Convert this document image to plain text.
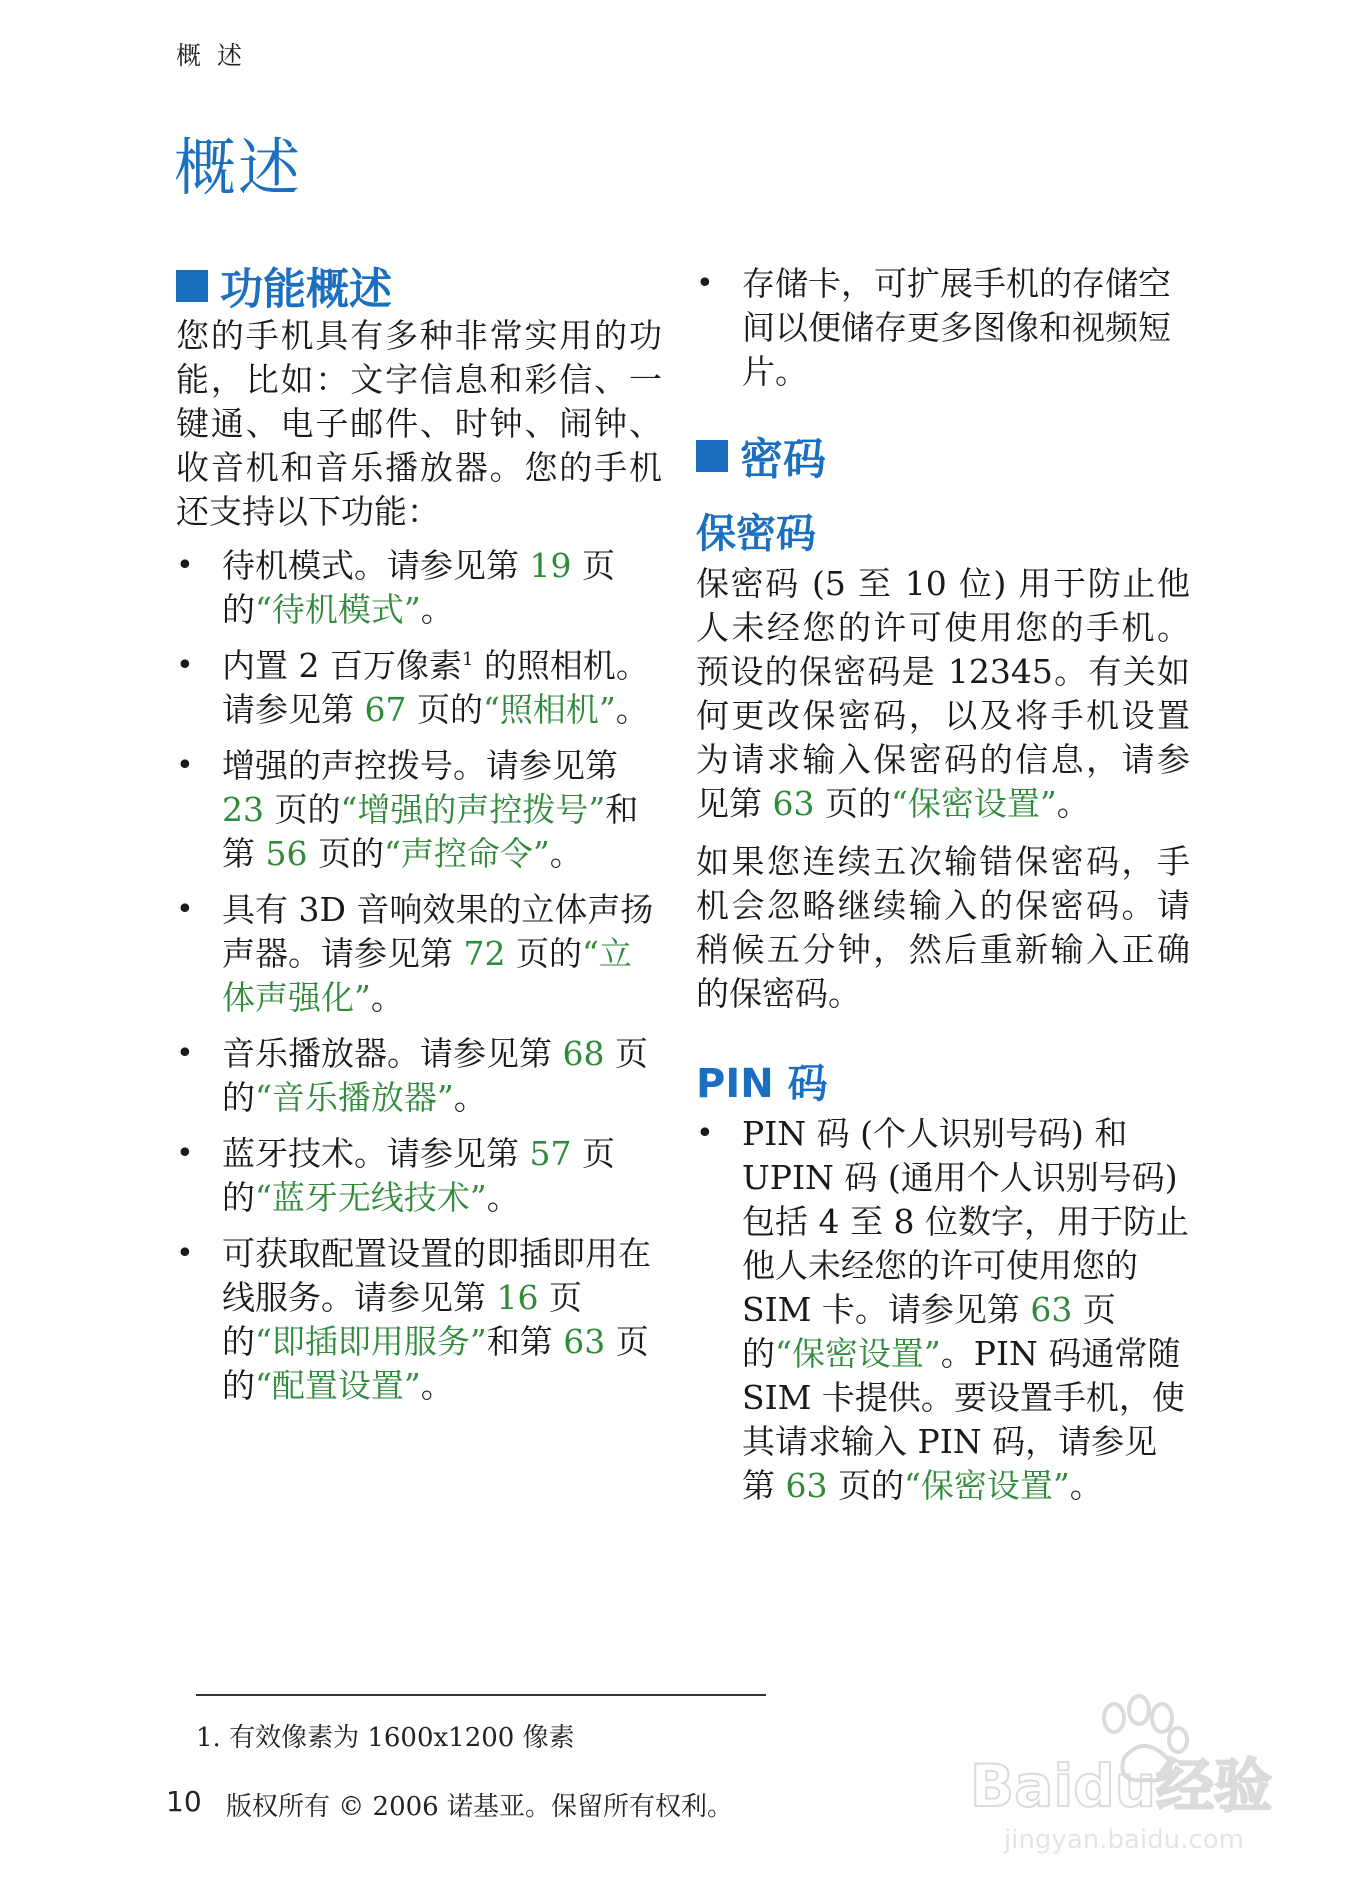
概 述
概述
功能概述

您的手机具有多种非常实用的功能，比如：文字信息和彩信、一键通、电子邮件、时钟、闹钟、收音机和音乐播放器。您的手机还支持以下功能：

• 待机模式。请参见第 19 页的“待机模式”。
• 内置 2 百万像素$^1$ 的照相机。请参见第 67 页的“照相机”。
• 增强的声控拨号。请参见第 23 页的“增强的声控拨号”和第 56 页的“声控命令”。
• 具有 3D 音响效果的立体声扬声器。请参见第 72 页的“立体声强化”。
• 音乐播放器。请参见第 68 页的“音乐播放器”。
• 蓝牙技术。请参见第 57 页的“蓝牙无线技术”。
• 可获取配置设置的即插即用在线服务。请参见第 16 页的“即插即用服务”和第 63 页的“配置设置”。
• 存储卡，可扩展手机的存储空间以便储存更多图像和视频短片。
密码
保密码

保密码 (5 至 10 位) 用于防止他人未经您的许可使用您的手机。预设的保密码是 12345。有关如何更改保密码，以及将手机设置为请求输入保密码的信息，请参见第 63 页的“保密设置”。

如果您连续五次输错保密码，手机会忽略继续输入的保密码。请稍候五分钟，然后重新输入正确的保密码。

PIN 码
• PIN 码 (个人识别号码) 和 UPIN 码 (通用个人识别号码) 包括 4 至 8 位数字，用于防止他人未经您的许可使用您的 SIM 卡。请参见第 63 页的“保密设置”。PIN 码通常随 SIM 卡提供。要设置手机，使其请求输入 PIN 码，请参见第 63 页的“保密设置”。
1. 有效像素为 1600x1200 像素
10 版权所有 © 2006 诺基亚。保留所有权利。	Baidu经验
jingyan.baidu.com
